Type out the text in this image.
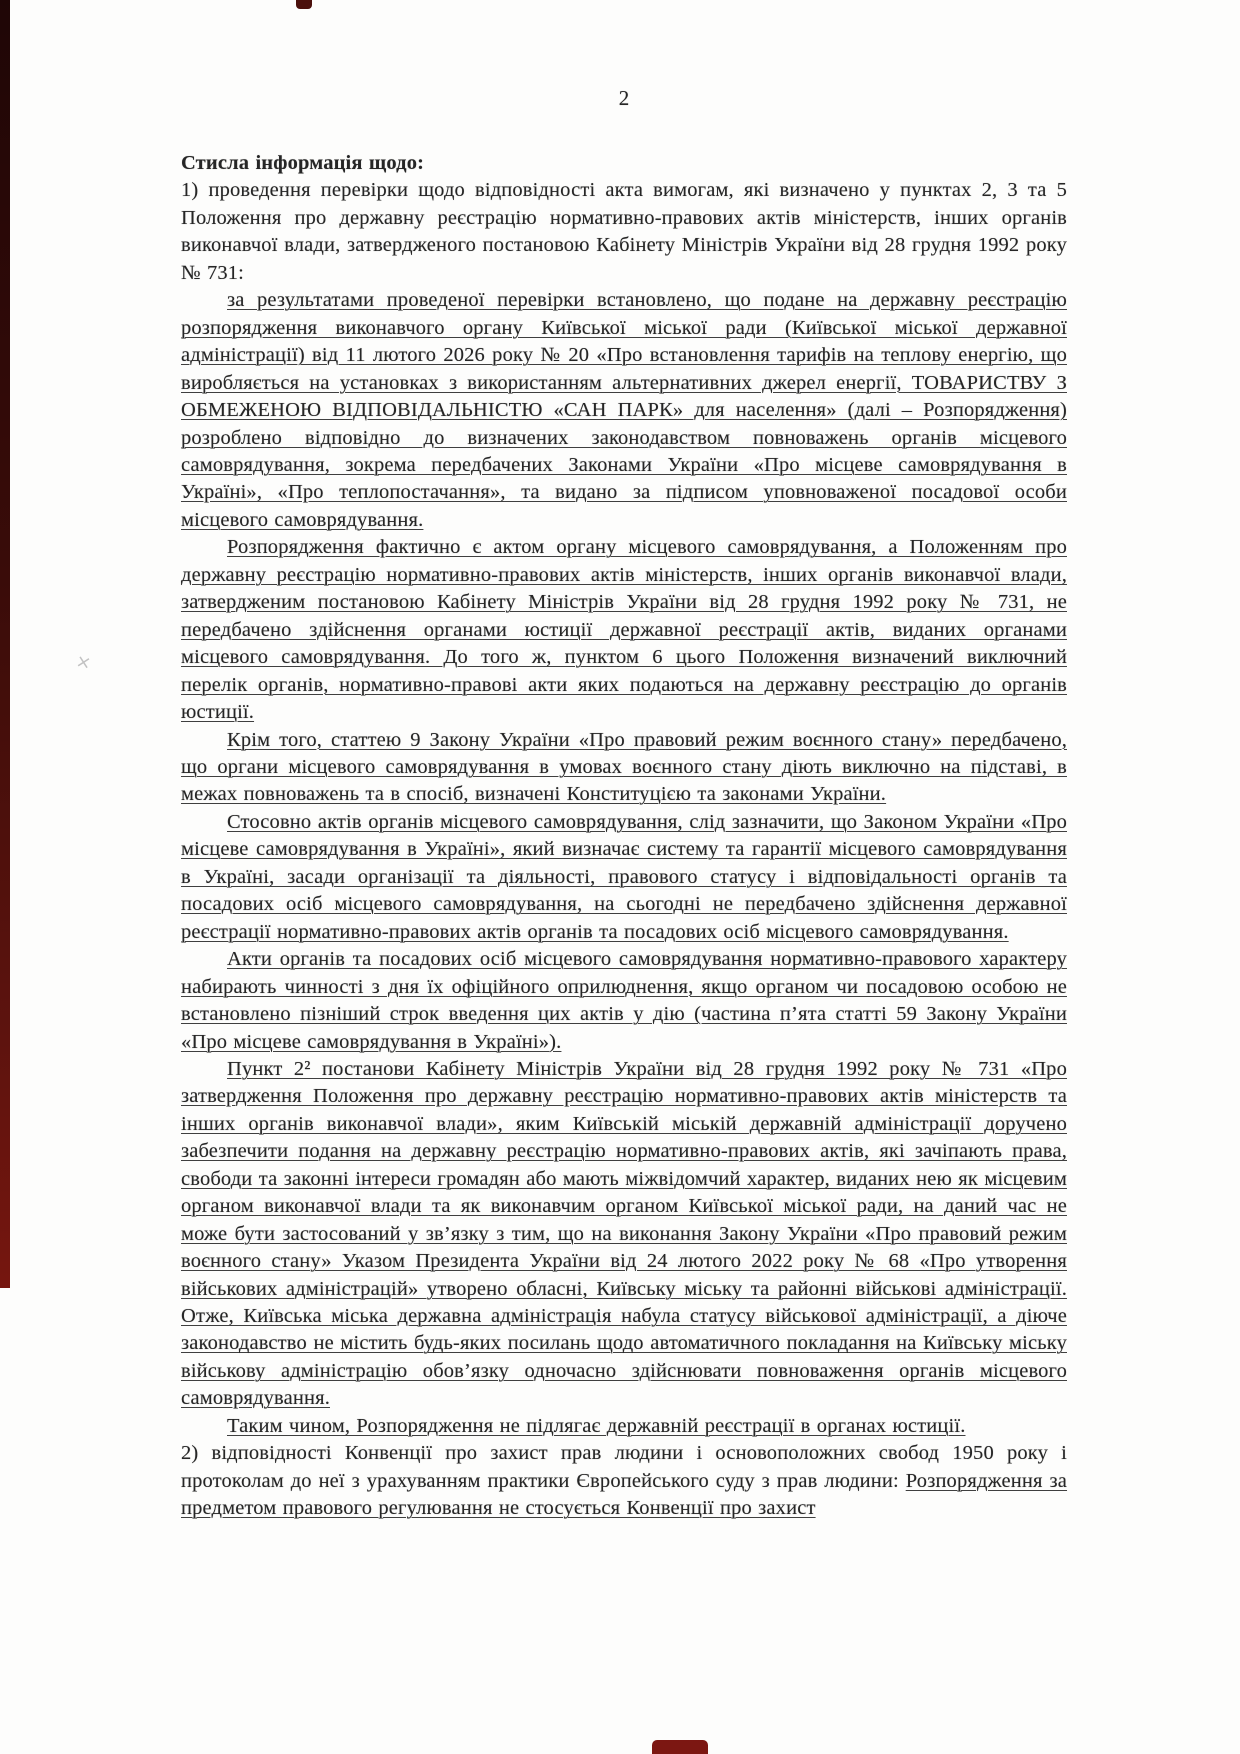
×
2

Стисла інформація щодо:

1) проведення перевірки щодо відповідності акта вимогам, які визначено у пунктах 2, 3 та 5 Положення про державну реєстрацію нормативно-правових актів міністерств, інших органів виконавчої влади, затвердженого постановою Кабінету Міністрів України від 28 грудня 1992 року № 731:

за результатами проведеної перевірки встановлено, що подане на державну реєстрацію розпорядження виконавчого органу Київської міської ради (Київської міської державної адміністрації) від 11 лютого 2026 року № 20 «Про встановлення тарифів на теплову енергію, що виробляється на установках з використанням альтернативних джерел енергії, ТОВАРИСТВУ З ОБМЕЖЕНОЮ ВІДПОВІДАЛЬНІСТЮ «САН ПАРК» для населення» (далі – Розпорядження) розроблено відповідно до визначених законодавством повноважень органів місцевого самоврядування, зокрема передбачених Законами України «Про місцеве самоврядування в Україні», «Про теплопостачання», та видано за підписом уповноваженої посадової особи місцевого самоврядування.

Розпорядження фактично є актом органу місцевого самоврядування, а Положенням про державну реєстрацію нормативно-правових актів міністерств, інших органів виконавчої влади, затвердженим постановою Кабінету Міністрів України від 28 грудня 1992 року № 731, не передбачено здійснення органами юстиції державної реєстрації актів, виданих органами місцевого самоврядування. До того ж, пунктом 6 цього Положення визначений виключний перелік органів, нормативно-правові акти яких подаються на державну реєстрацію до органів юстиції.

Крім того, статтею 9 Закону України «Про правовий режим воєнного стану» передбачено, що органи місцевого самоврядування в умовах воєнного стану діють виключно на підставі, в межах повноважень та в спосіб, визначені Конституцією та законами України.

Стосовно актів органів місцевого самоврядування, слід зазначити, що Законом України «Про місцеве самоврядування в Україні», який визначає систему та гарантії місцевого самоврядування в Україні, засади організації та діяльності, правового статусу і відповідальності органів та посадових осіб місцевого самоврядування, на сьогодні не передбачено здійснення державної реєстрації нормативно-правових актів органів та посадових осіб місцевого самоврядування.

Акти органів та посадових осіб місцевого самоврядування нормативно-правового характеру набирають чинності з дня їх офіційного оприлюднення, якщо органом чи посадовою особою не встановлено пізніший строк введення цих актів у дію (частина п’ята статті 59 Закону України «Про місцеве самоврядування в Україні»).

Пункт 2² постанови Кабінету Міністрів України від 28 грудня 1992 року № 731 «Про затвердження Положення про державну реєстрацію нормативно-правових актів міністерств та інших органів виконавчої влади», яким Київській міській державній адміністрації доручено забезпечити подання на державну реєстрацію нормативно-правових актів, які зачіпають права, свободи та законні інтереси громадян або мають міжвідомчий характер, виданих нею як місцевим органом виконавчої влади та як виконавчим органом Київської міської ради, на даний час не може бути застосований у зв’язку з тим, що на виконання Закону України «Про правовий режим воєнного стану» Указом Президента України від 24 лютого 2022 року № 68 «Про утворення військових адміністрацій» утворено обласні, Київську міську та районні військові адміністрації. Отже, Київська міська державна адміністрація набула статусу військової адміністрації, а діюче законодавство не містить будь-яких посилань щодо автоматичного покладання на Київську міську військову адміністрацію обов’язку одночасно здійснювати повноваження органів місцевого самоврядування.

Таким чином, Розпорядження не підлягає державній реєстрації в органах юстиції.

2) відповідності Конвенції про захист прав людини і основоположних свобод 1950 року і протоколам до неї з урахуванням практики Європейського суду з прав людини: Розпорядження за предметом правового регулювання не стосується Конвенції про захист
